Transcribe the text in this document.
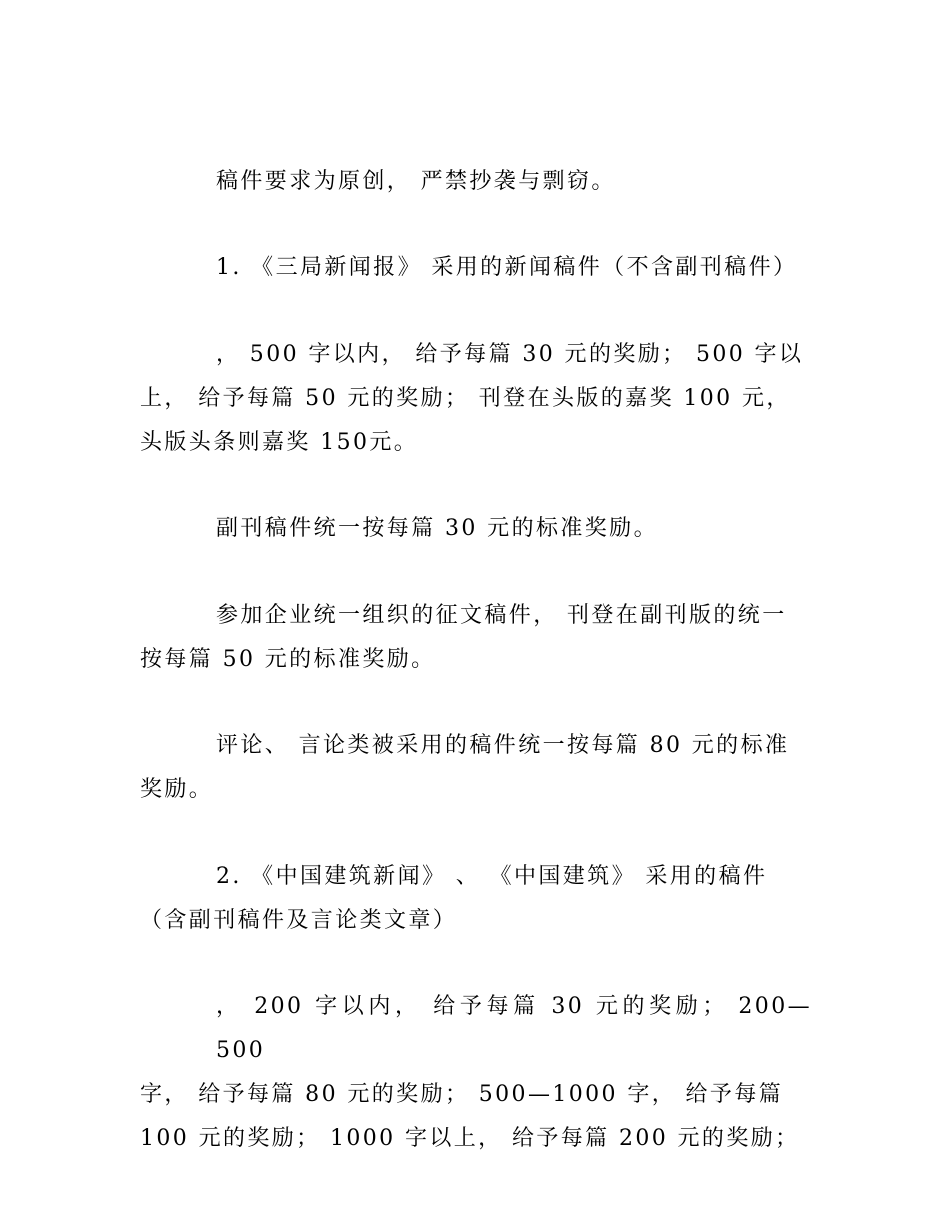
稿件要求为原创， 严禁抄袭与剽窃。

1. 《三局新闻报》 采用的新闻稿件（不含副刊稿件）

， 500 字以内， 给予每篇 30 元的奖励； 500 字以
上， 给予每篇 50 元的奖励； 刊登在头版的嘉奖 100 元，
头版头条则嘉奖 150元。

副刊稿件统一按每篇 30 元的标准奖励。

参加企业统一组织的征文稿件， 刊登在副刊版的统一
按每篇 50 元的标准奖励。

评论、 言论类被采用的稿件统一按每篇 80 元的标准
奖励。

2. 《中国建筑新闻》 、 《中国建筑》 采用的稿件
（含副刊稿件及言论类文章）

， 200 字以内， 给予每篇 30 元的奖励； 200—500
字， 给予每篇 80 元的奖励； 500—1000 字， 给予每篇
100 元的奖励； 1000 字以上， 给予每篇 200 元的奖励；
